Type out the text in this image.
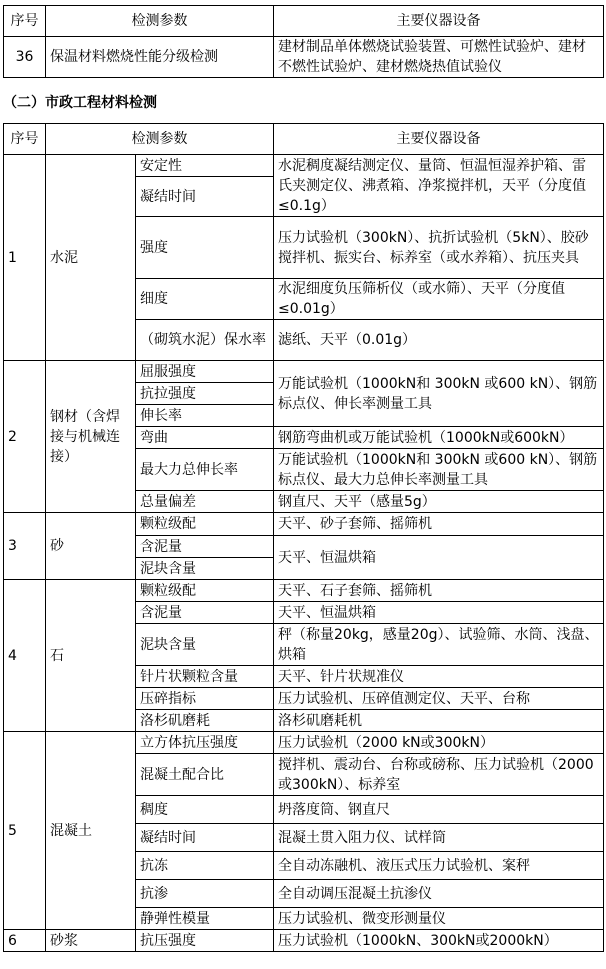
序号	检测参数	主要仪器设备
36	保温材料燃烧性能分级检测	建材制品单体燃烧试验装置、可燃性试验炉、建材不燃性试验炉、建材燃烧热值试验仪
（二）市政工程材料检测
序号	检测参数		主要仪器设备
1	水泥	安定性	水泥稠度凝结测定仪、量筒、恒温恒湿养护箱、雷氏夹测定仪、沸煮箱、净浆搅拌机，天平（分度值≤0.1g）
		凝结时间	
		强度	压力试验机（300kN）、抗折试验机（5kN）、胶砂搅拌机、振实台、标养室（或水养箱）、抗压夹具
		细度	水泥细度负压筛析仪（或水筛）、天平（分度值≤0.01g）
		（砌筑水泥）保水率	滤纸、天平（0.01g）
2	钢材（含焊接与机械连接）	屈服强度	万能试验机（1000kN和 300kN 或600 kN）、钢筋标点仪、伸长率测量工具
		抗拉强度	
		伸长率	
		弯曲	钢筋弯曲机或万能试验机（1000kN或600kN）
		最大力总伸长率	万能试验机（1000kN和 300kN 或600 kN）、钢筋标点仪、最大力总伸长率测量工具
		总量偏差	钢直尺、天平（感量5g）
3	砂	颗粒级配	天平、砂子套筛、摇筛机
		含泥量	天平、恒温烘箱
		泥块含量	
4	石	颗粒级配	天平、石子套筛、摇筛机
		含泥量	天平、恒温烘箱
		泥块含量	秤（称量20kg，感量20g）、试验筛、水筒、浅盘、烘箱
		针片状颗粒含量	天平、针片状规准仪
		压碎指标	压力试验机、压碎值测定仪、天平、台称
		洛杉矶磨耗	洛杉矶磨耗机
5	混凝土	立方体抗压强度	压力试验机（2000 kN或300kN）
		混凝土配合比	搅拌机、震动台、台称或磅称、压力试验机（2000或300kN）、标养室
		稠度	坍落度筒、钢直尺
		凝结时间	混凝土贯入阻力仪、试样筒
		抗冻	全自动冻融机、液压式压力试验机、案秤
		抗渗	全自动调压混凝土抗渗仪
		静弹性模量	压力试验机、微变形测量仪
6	砂浆	抗压强度	压力试验机（1000kN、300kN或2000kN）
